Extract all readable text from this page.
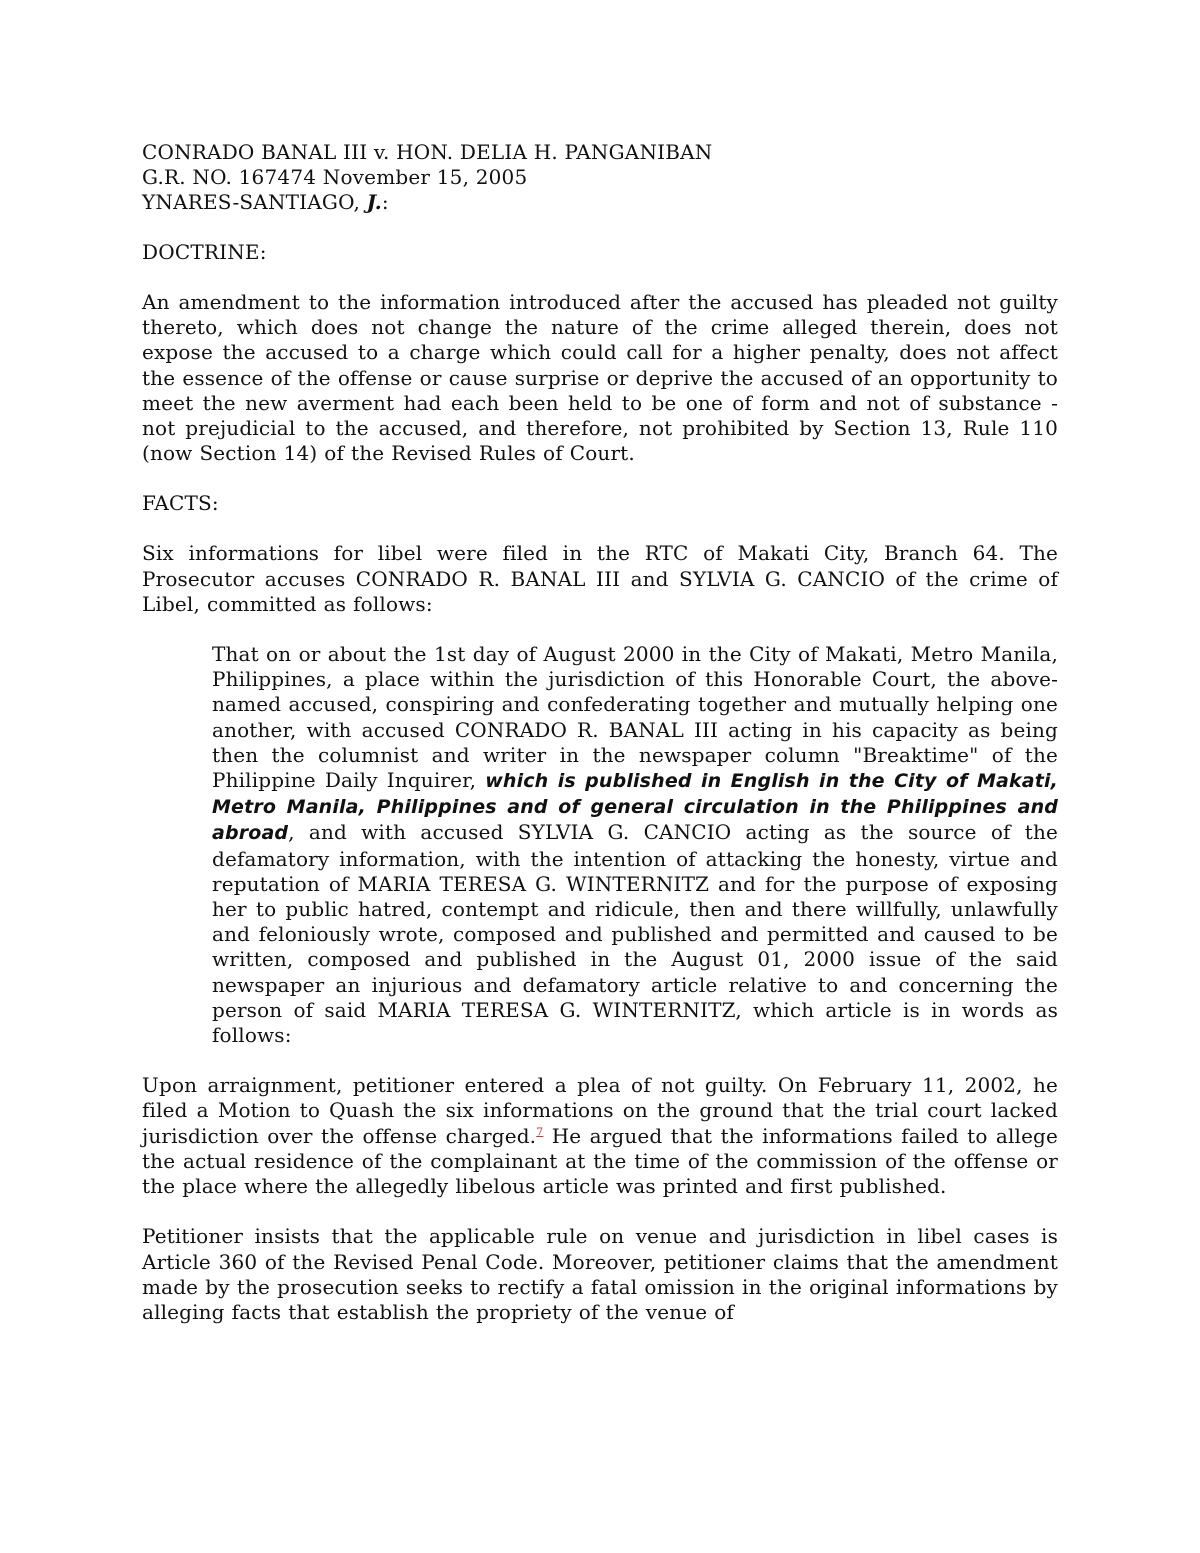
CONRADO BANAL III v. HON. DELIA H. PANGANIBAN
G.R. NO. 167474 November 15, 2005
YNARES-SANTIAGO, J.:
DOCTRINE:

An amendment to the information introduced after the accused has pleaded not guilty thereto, which does not change the nature of the crime alleged therein, does not expose the accused to a charge which could call for a higher penalty, does not affect the essence of the offense or cause surprise or deprive the accused of an opportunity to meet the new averment had each been held to be one of form and not of substance - not prejudicial to the accused, and therefore, not prohibited by Section 13, Rule 110 (now Section 14) of the Revised Rules of Court.

FACTS:

Six informations for libel were filed in the RTC of Makati City, Branch 64. The Prosecutor accuses CONRADO R. BANAL III and SYLVIA G. CANCIO of the crime of Libel, committed as follows:

That on or about the 1st day of August 2000 in the City of Makati, Metro Manila, Philippines, a place within the jurisdiction of this Honorable Court, the above-named accused, conspiring and confederating together and mutually helping one another, with accused CONRADO R. BANAL III acting in his capacity as being then the columnist and writer in the newspaper column "Breaktime" of the Philippine Daily Inquirer, which is published in English in the City of Makati, Metro Manila, Philippines and of general circulation in the Philippines and abroad, and with accused SYLVIA G. CANCIO acting as the source of the defamatory information, with the intention of attacking the honesty, virtue and reputation of MARIA TERESA G. WINTERNITZ and for the purpose of exposing her to public hatred, contempt and ridicule, then and there willfully, unlawfully and feloniously wrote, composed and published and permitted and caused to be written, composed and published in the August 01, 2000 issue of the said newspaper an injurious and defamatory article relative to and concerning the person of said MARIA TERESA G. WINTERNITZ, which article is in words as follows:

Upon arraignment, petitioner entered a plea of not guilty. On February 11, 2002, he filed a Motion to Quash the six informations on the ground that the trial court lacked jurisdiction over the offense charged.$^7$ He argued that the informations failed to allege the actual residence of the complainant at the time of the commission of the offense or the place where the allegedly libelous article was printed and first published.

Petitioner insists that the applicable rule on venue and jurisdiction in libel cases is Article 360 of the Revised Penal Code. Moreover, petitioner claims that the amendment made by the prosecution seeks to rectify a fatal omission in the original informations by alleging facts that establish the propriety of the venue of
